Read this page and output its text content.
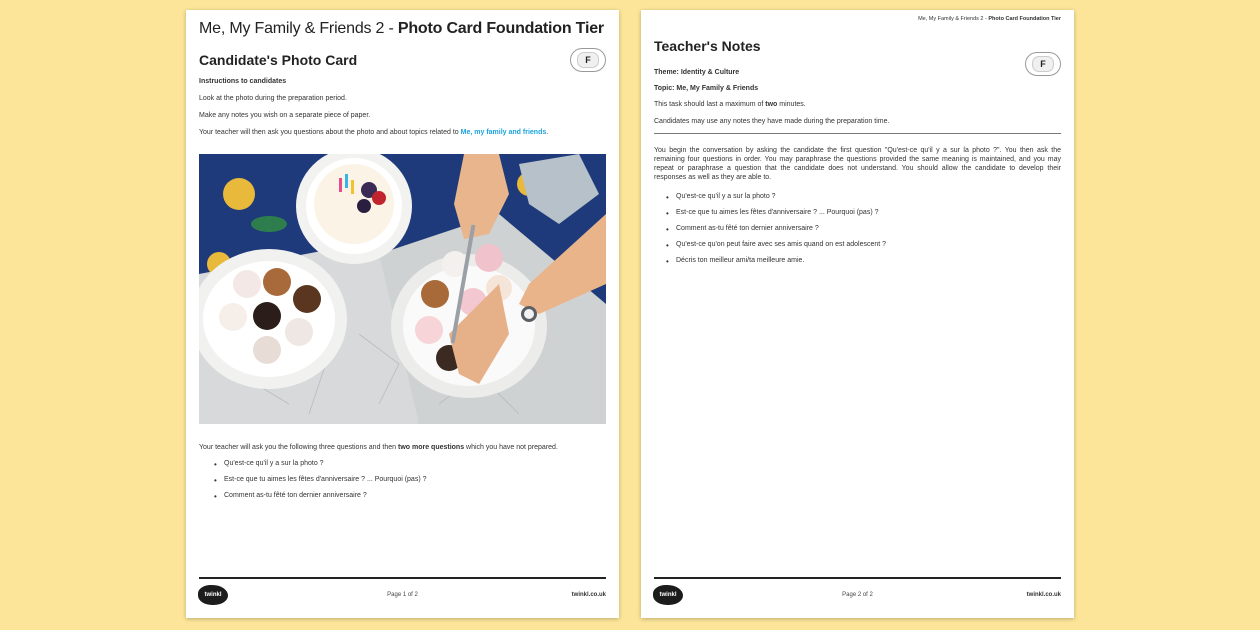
Me, My Family & Friends 2 - Photo Card Foundation Tier
Candidate's Photo Card	F
Instructions to candidates
Look at the photo during the preparation period.
Make any notes you wish on a separate piece of paper.
Your teacher will then ask you questions about the photo and about topics related to Me, my family and friends.
Your teacher will ask you the following three questions and then two more questions which you have not prepared.
• Qu'est-ce qu'il y a sur la photo ?
• Est-ce que tu aimes les fêtes d'anniversaire ? ... Pourquoi (pas) ?
• Comment as-tu fêté ton dernier anniversaire ?
twinkl	Page 1 of 2	twinkl.co.uk
Me, My Family & Friends 2 - Photo Card Foundation Tier
Teacher's Notes
F
Theme: Identity & Culture
Topic: Me, My Family & Friends
This task should last a maximum of two minutes.
Candidates may use any notes they have made during the preparation time.
You begin the conversation by asking the candidate the first question "Qu'est-ce qu'il y a sur la photo ?". You then ask the remaining four questions in order. You may paraphrase the questions provided the same meaning is maintained, and you may repeat or paraphrase a question that the candidate does not understand. You should allow the candidate to develop their responses as well as they are able to.
• Qu'est-ce qu'il y a sur la photo ?
• Est-ce que tu aimes les fêtes d'anniversaire ? ... Pourquoi (pas) ?
• Comment as-tu fêté ton dernier anniversaire ?
• Qu'est-ce qu'on peut faire avec ses amis quand on est adolescent ?
• Décris ton meilleur ami/ta meilleure amie.
twinkl	Page 2 of 2	twinkl.co.uk
